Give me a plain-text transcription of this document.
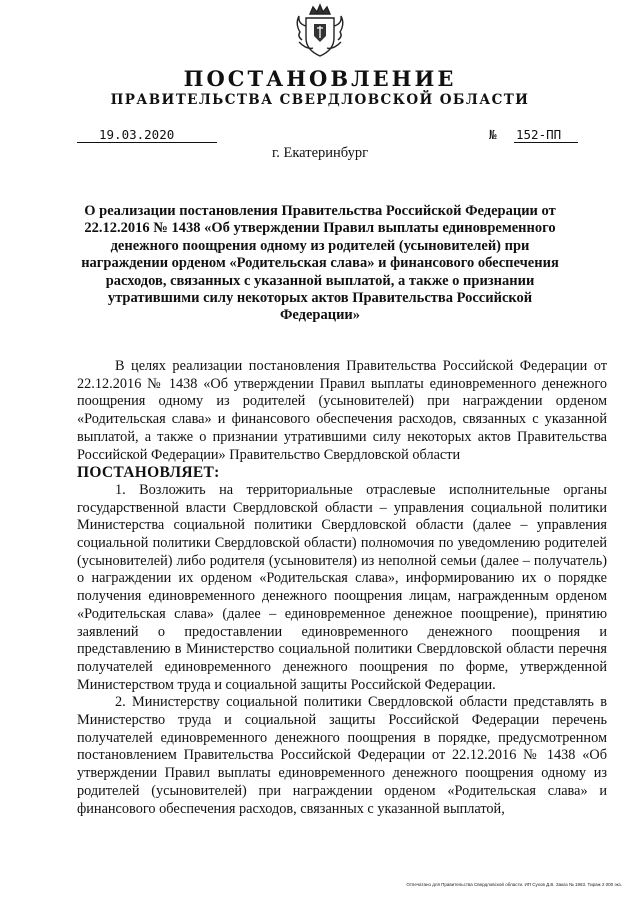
ПОСТАНОВЛЕНИЕ
ПРАВИТЕЛЬСТВА СВЕРДЛОВСКОЙ ОБЛАСТИ
19.03.2020	№ 152-ПП
г. Екатеринбург
О реализации постановления Правительства Российской Федерации от 22.12.2016 № 1438 «Об утверждении Правил выплаты единовременного денежного поощрения одному из родителей (усыновителей) при награждении орденом «Родительская слава» и финансового обеспечения расходов, связанных с указанной выплатой, а также о признании утратившими силу некоторых актов Правительства Российской Федерации»

В целях реализации постановления Правительства Российской Федерации от 22.12.2016 № 1438 «Об утверждении Правил выплаты единовременного денежного поощрения одному из родителей (усыновителей) при награждении орденом «Родительская слава» и финансового обеспечения расходов, связанных с указанной выплатой, а также о признании утратившими силу некоторых актов Правительства Российской Федерации» Правительство Свердловской области

ПОСТАНОВЛЯЕТ:

1. Возложить на территориальные отраслевые исполнительные органы государственной власти Свердловской области – управления социальной политики Министерства социальной политики Свердловской области (далее – управления социальной политики Свердловской области) полномочия по уведомлению родителей (усыновителей) либо родителя (усыновителя) из неполной семьи (далее – получатель) о награждении их орденом «Родительская слава», информированию их о порядке получения единовременного денежного поощрения лицам, награжденным орденом «Родительская слава» (далее – единовременное денежное поощрение), принятию заявлений о предоставлении единовременного денежного поощрения и представлению в Министерство социальной политики Свердловской области перечня получателей единовременного денежного поощрения по форме, утвержденной Министерством труда и социальной защиты Российской Федерации.

2. Министерству социальной политики Свердловской области представлять в Министерство труда и социальной защиты Российской Федерации перечень получателей единовременного денежного поощрения в порядке, предусмотренном постановлением Правительства Российской Федерации от 22.12.2016 № 1438 «Об утверждении Правил выплаты единовременного денежного поощрения одному из родителей (усыновителей) при награждении орденом «Родительская слава» и финансового обеспечения расходов, связанных с указанной выплатой,

Отпечатано для Правительства Свердловской области. ИП Сухов Д.В. Заказ № 1963. Тираж 2 000 экз.
